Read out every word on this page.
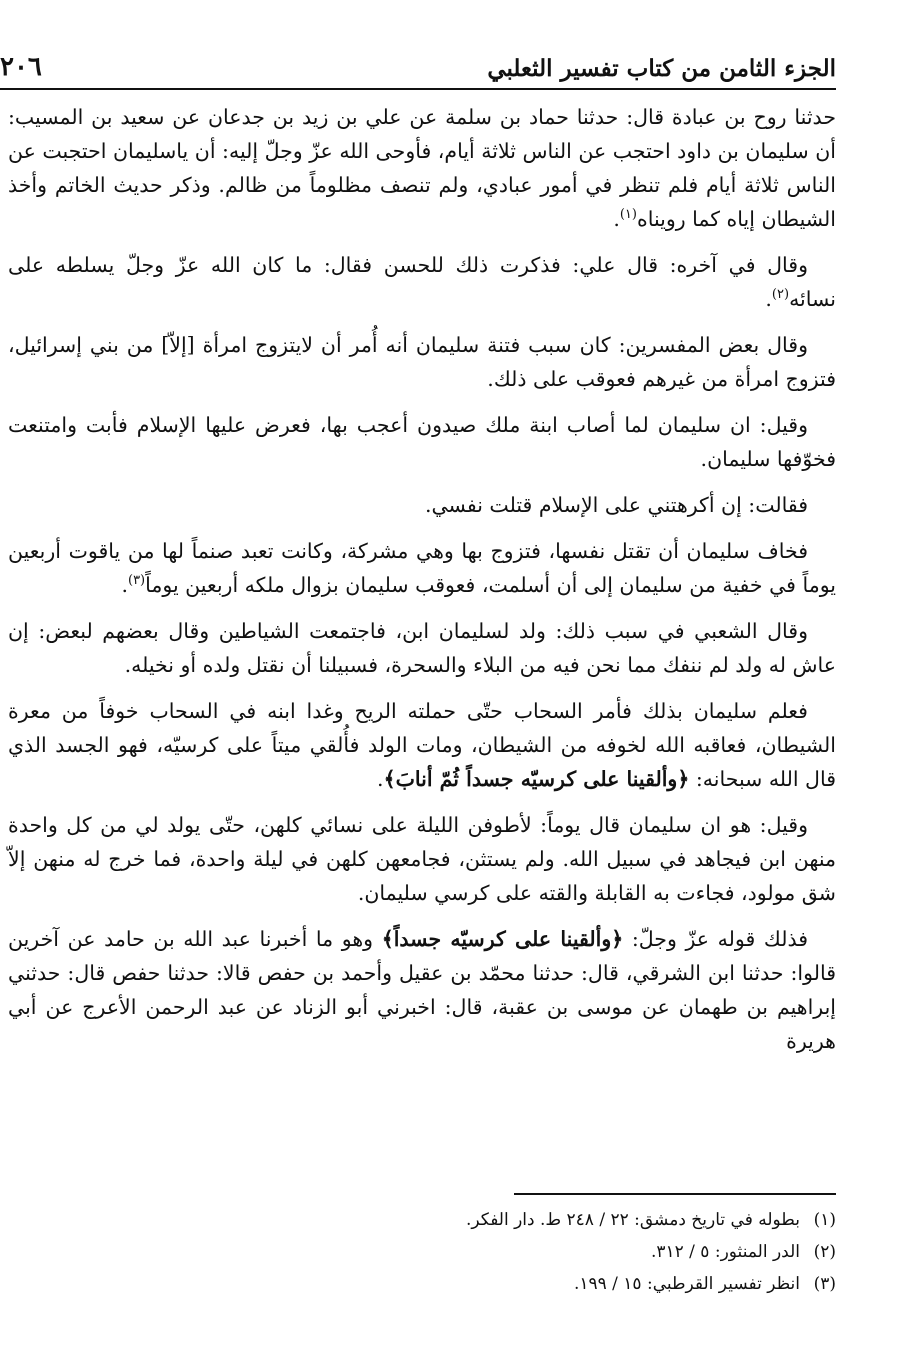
الجزء الثامن من كتاب تفسير الثعلبي
٢٠٦

حدثنا روح بن عبادة قال: حدثنا حماد بن سلمة عن علي بن زيد بن جدعان عن سعيد بن المسيب: أن سليمان بن داود احتجب عن الناس ثلاثة أيام، فأوحى الله عزّ وجلّ إليه: أن ياسليمان احتجبت عن الناس ثلاثة أيام فلم تنظر في أمور عبادي، ولم تنصف مظلوماً من ظالم. وذكر حديث الخاتم وأخذ الشيطان إياه كما رويناه$^{(١)}$.

وقال في آخره: قال علي: فذكرت ذلك للحسن فقال: ما كان الله عزّ وجلّ يسلطه على نسائه$^{(٢)}$.

وقال بعض المفسرين: كان سبب فتنة سليمان أنه أُمر أن لايتزوج امرأة [إلاّ] من بني إسرائيل، فتزوج امرأة من غيرهم فعوقب على ذلك.

وقيل: ان سليمان لما أصاب ابنة ملك صيدون أعجب بها، فعرض عليها الإسلام فأبت وامتنعت فخوّفها سليمان.

فقالت: إن أكرهتني على الإسلام قتلت نفسي.

فخاف سليمان أن تقتل نفسها، فتزوج بها وهي مشركة، وكانت تعبد صنماً لها من ياقوت أربعين يوماً في خفية من سليمان إلى أن أسلمت، فعوقب سليمان بزوال ملكه أربعين يوماً$^{(٣)}$.

وقال الشعبي في سبب ذلك: ولد لسليمان ابن، فاجتمعت الشياطين وقال بعضهم لبعض: إن عاش له ولد لم ننفك مما نحن فيه من البلاء والسحرة، فسبيلنا أن نقتل ولده أو نخيله.

فعلم سليمان بذلك فأمر السحاب حتّى حملته الريح وغدا ابنه في السحاب خوفاً من معرة الشيطان، فعاقبه الله لخوفه من الشيطان، ومات الولد فأُلقي ميتاً على كرسيّه، فهو الجسد الذي قال الله سبحانه: ﴿وألقينا على كرسيّه جسداً ثُمّ أنابَ﴾.

وقيل: هو ان سليمان قال يوماً: لأطوفن الليلة على نسائي كلهن، حتّى يولد لي من كل واحدة منهن ابن فيجاهد في سبيل الله. ولم يستثن، فجامعهن كلهن في ليلة واحدة، فما خرج له منهن إلاّ شق مولود، فجاءت به القابلة والقته على كرسي سليمان.

فذلك قوله عزّ وجلّ: ﴿وألقينا على كرسيّه جسداً﴾ وهو ما أخبرنا عبد الله بن حامد عن آخرين قالوا: حدثنا ابن الشرقي، قال: حدثنا محمّد بن عقيل وأحمد بن حفص قالا: حدثنا حفص قال: حدثني إبراهيم بن طهمان عن موسى بن عقبة، قال: اخبرني أبو الزناد عن عبد الرحمن الأعرج عن أبي هريرة

(١)
بطوله في تاريخ دمشق: ٢٢ / ٢٤٨ ط. دار الفكر.
(٢)
الدر المنثور: ٥ / ٣١٢.
(٣)
انظر تفسير القرطبي: ١٥ / ١٩٩.
